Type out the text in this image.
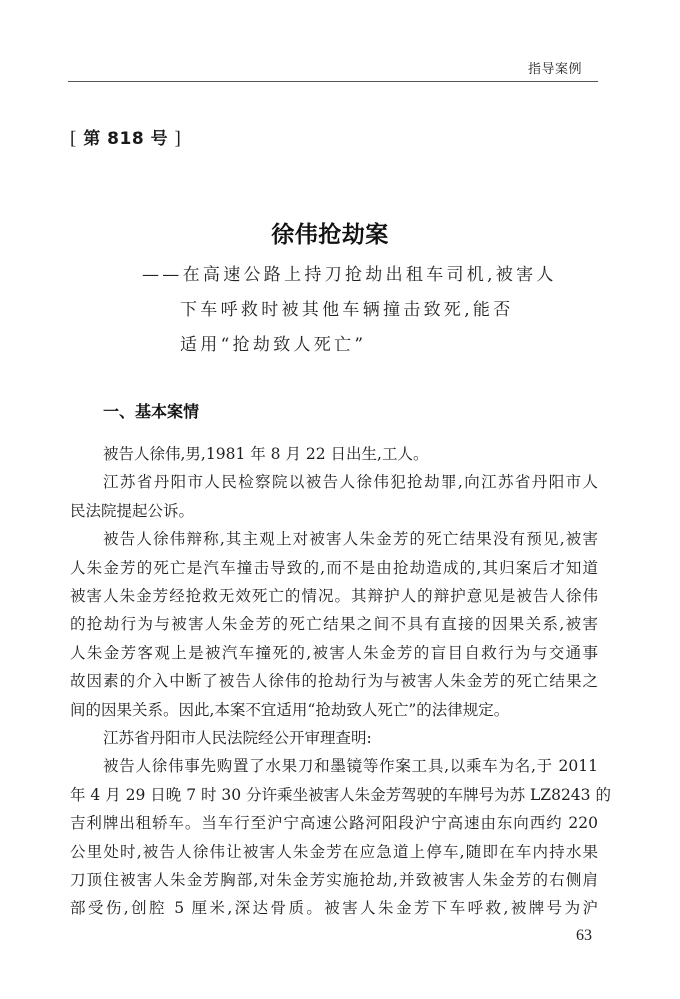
指导案例
[ 第 818 号 ]
徐伟抢劫案
——在高速公路上持刀抢劫出租车司机,被害人
下车呼救时被其他车辆撞击致死,能否
适用“抢劫致人死亡”
一、基本案情
被告人徐伟,男,1981 年 8 月 22 日出生,工人。
江苏省丹阳市人民检察院以被告人徐伟犯抢劫罪,向江苏省丹阳市人
民法院提起公诉。
被告人徐伟辩称,其主观上对被害人朱金芳的死亡结果没有预见,被害
人朱金芳的死亡是汽车撞击导致的,而不是由抢劫造成的,其归案后才知道
被害人朱金芳经抢救无效死亡的情况。其辩护人的辩护意见是被告人徐伟
的抢劫行为与被害人朱金芳的死亡结果之间不具有直接的因果关系,被害
人朱金芳客观上是被汽车撞死的,被害人朱金芳的盲目自救行为与交通事
故因素的介入中断了被告人徐伟的抢劫行为与被害人朱金芳的死亡结果之
间的因果关系。因此,本案不宜适用“抢劫致人死亡”的法律规定。
江苏省丹阳市人民法院经公开审理查明:
被告人徐伟事先购置了水果刀和墨镜等作案工具,以乘车为名,于 2011
年 4 月 29 日晚 7 时 30 分许乘坐被害人朱金芳驾驶的车牌号为苏 LZ8243 的
吉利牌出租轿车。当车行至沪宁高速公路河阳段沪宁高速由东向西约 220
公里处时,被告人徐伟让被害人朱金芳在应急道上停车,随即在车内持水果
刀顶住被害人朱金芳胸部,对朱金芳实施抢劫,并致被害人朱金芳的右侧肩
部受伤,创腔 5 厘米,深达骨质。被害人朱金芳下车呼救,被牌号为沪
63
